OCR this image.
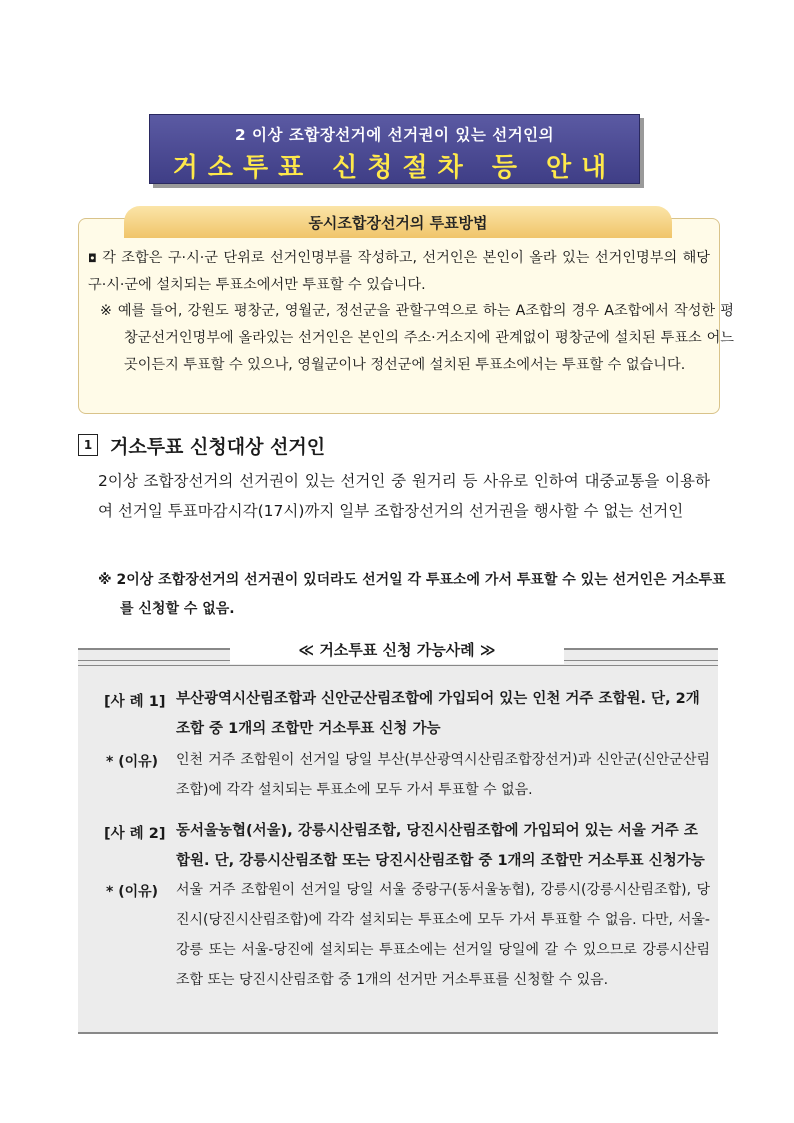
2 이상 조합장선거에 선거권이 있는 선거인의
거소투표 신청절차 등 안내
동시조합장선거의 투표방법
◘ 각 조합은 구·시·군 단위로 선거인명부를 작성하고, 선거인은 본인이 올라 있는 선거인명부의 해당 구·시·군에 설치되는 투표소에서만 투표할 수 있습니다.
※ 예를 들어, 강원도 평창군, 영월군, 정선군을 관할구역으로 하는 A조합의 경우 A조합에서 작성한 평창군선거인명부에 올라있는 선거인은 본인의 주소·거소지에 관계없이 평창군에 설치된 투표소 어느 곳이든지 투표할 수 있으나, 영월군이나 정선군에 설치된 투표소에서는 투표할 수 없습니다.
1 거소투표 신청대상 선거인
2이상 조합장선거의 선거권이 있는 선거인 중 원거리 등 사유로 인하여 대중교통을 이용하여 선거일 투표마감시각(17시)까지 일부 조합장선거의 선거권을 행사할 수 없는 선거인
※ 2이상 조합장선거의 선거권이 있더라도 선거일 각 투표소에 가서 투표할 수 있는 선거인은 거소투표를 신청할 수 없음.
≪ 거소투표 신청 가능사례 ≫
[사 례 1] 부산광역시산림조합과 신안군산림조합에 가입되어 있는 인천 거주 조합원. 단, 2개 조합 중 1개의 조합만 거소투표 신청 가능
* (이유) 인천 거주 조합원이 선거일 당일 부산(부산광역시산림조합장선거)과 신안군(신안군산림조합)에 각각 설치되는 투표소에 모두 가서 투표할 수 없음.
[사 례 2] 동서울농협(서울), 강릉시산림조합, 당진시산림조합에 가입되어 있는 서울 거주 조합원. 단, 강릉시산림조합 또는 당진시산림조합 중 1개의 조합만 거소투표 신청가능
* (이유) 서울 거주 조합원이 선거일 당일 서울 중랑구(동서울농협), 강릉시(강릉시산림조합), 당진시(당진시산림조합)에 각각 설치되는 투표소에 모두 가서 투표할 수 없음. 다만, 서울-강릉 또는 서울-당진에 설치되는 투표소에는 선거일 당일에 갈 수 있으므로 강릉시산림조합 또는 당진시산림조합 중 1개의 선거만 거소투표를 신청할 수 있음.
